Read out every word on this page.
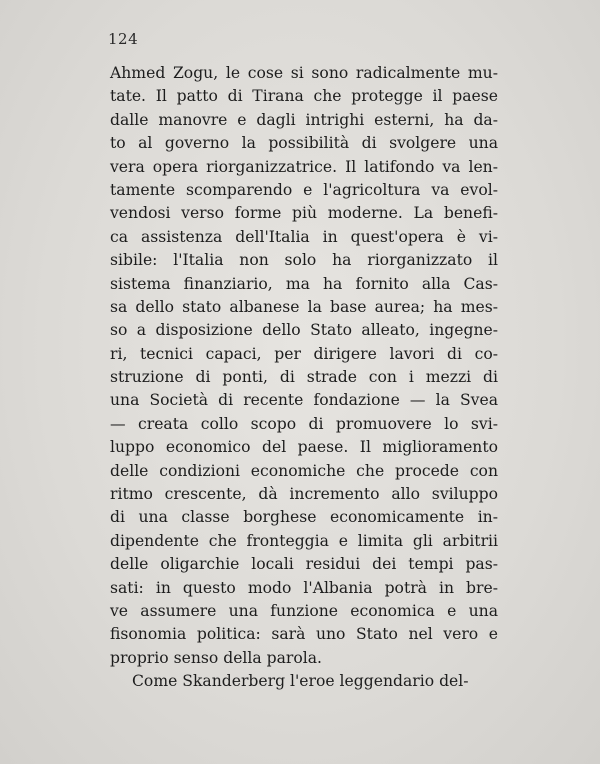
124
Ahmed Zogu, le cose si sono radicalmente mu-
tate. Il patto di Tirana che protegge il paese
dalle manovre e dagli intrighi esterni, ha da-
to al governo la possibilità di svolgere una
vera opera riorganizzatrice. Il latifondo va len-
tamente scomparendo e l'agricoltura va evol-
vendosi verso forme più moderne. La benefi-
ca assistenza dell'Italia in quest'opera è vi-
sibile: l'Italia non solo ha riorganizzato il
sistema finanziario, ma ha fornito alla Cas-
sa dello stato albanese la base aurea; ha mes-
so a disposizione dello Stato alleato, ingegne-
ri, tecnici capaci, per dirigere lavori di co-
struzione di ponti, di strade con i mezzi di
una Società di recente fondazione — la Svea
— creata collo scopo di promuovere lo svi-
luppo economico del paese. Il miglioramento
delle condizioni economiche che procede con
ritmo crescente, dà incremento allo sviluppo
di una classe borghese economicamente in-
dipendente che fronteggia e limita gli arbitrii
delle oligarchie locali residui dei tempi pas-
sati: in questo modo l'Albania potrà in bre-
ve assumere una funzione economica e una
fisonomia politica: sarà uno Stato nel vero e
proprio senso della parola.
Come Skanderberg l'eroe leggendario del-
